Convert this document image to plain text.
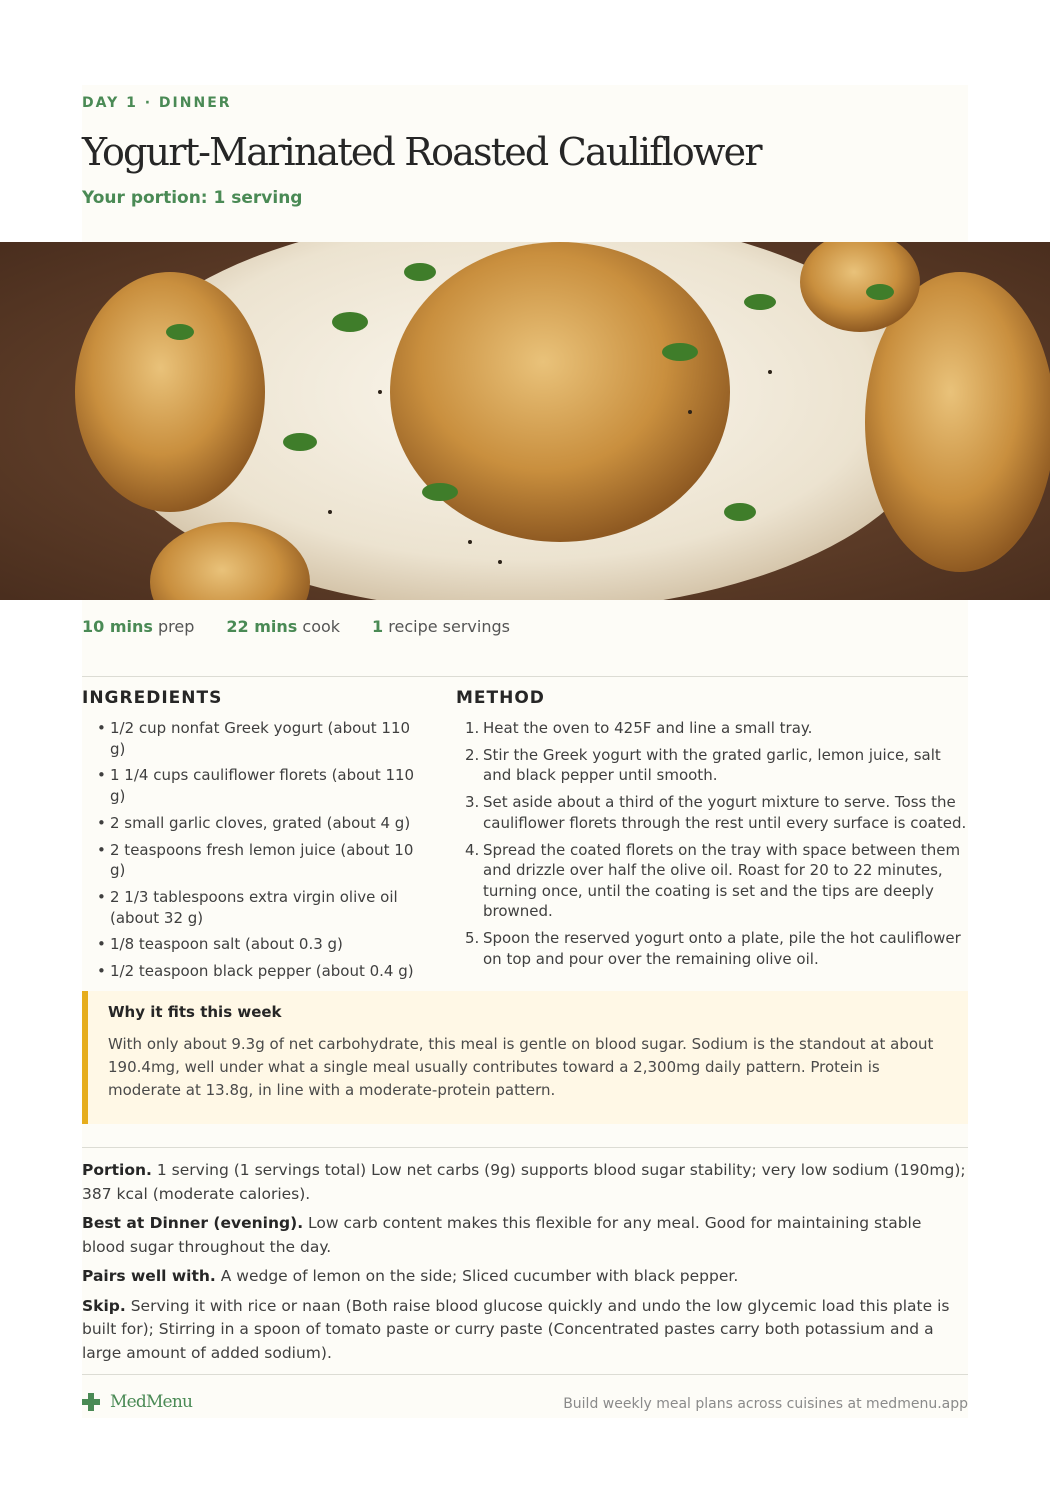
DAY 1 · DINNER
Yogurt-Marinated Roasted Cauliflower
Your portion: 1 serving
10 mins prep 22 mins cook 1 recipe servings
INGREDIENTS	METHOD
• 1/2 cup nonfat Greek yogurt (about 110 g)
• 1 1/4 cups cauliflower florets (about 110 g)
• 2 small garlic cloves, grated (about 4 g)
• 2 teaspoons fresh lemon juice (about 10 g)
• 2 1/3 tablespoons extra virgin olive oil (about 32 g)
• 1/8 teaspoon salt (about 0.3 g)
• 1/2 teaspoon black pepper (about 0.4 g)
1. Heat the oven to 425F and line a small tray.
2. Stir the Greek yogurt with the grated garlic, lemon juice, salt and black pepper until smooth.
3. Set aside about a third of the yogurt mixture to serve. Toss the cauliflower florets through the rest until every surface is coated.
4. Spread the coated florets on the tray with space between them and drizzle over half the olive oil. Roast for 20 to 22 minutes, turning once, until the coating is set and the tips are deeply browned.
5. Spoon the reserved yogurt onto a plate, pile the hot cauliflower on top and pour over the remaining olive oil.
Why it fits this week
With only about 9.3g of net carbohydrate, this meal is gentle on blood sugar. Sodium is the standout at about 190.4mg, well under what a single meal usually contributes toward a 2,300mg daily pattern. Protein is moderate at 13.8g, in line with a moderate-protein pattern.
Portion. 1 serving (1 servings total) Low net carbs (9g) supports blood sugar stability; very low sodium (190mg); 387 kcal (moderate calories).
Best at Dinner (evening). Low carb content makes this flexible for any meal. Good for maintaining stable blood sugar throughout the day.
Pairs well with. A wedge of lemon on the side; Sliced cucumber with black pepper.
Skip. Serving it with rice or naan (Both raise blood glucose quickly and undo the low glycemic load this plate is built for); Stirring in a spoon of tomato paste or curry paste (Concentrated pastes carry both potassium and a large amount of added sodium).
MedMenu	Build weekly meal plans across cuisines at medmenu.app
